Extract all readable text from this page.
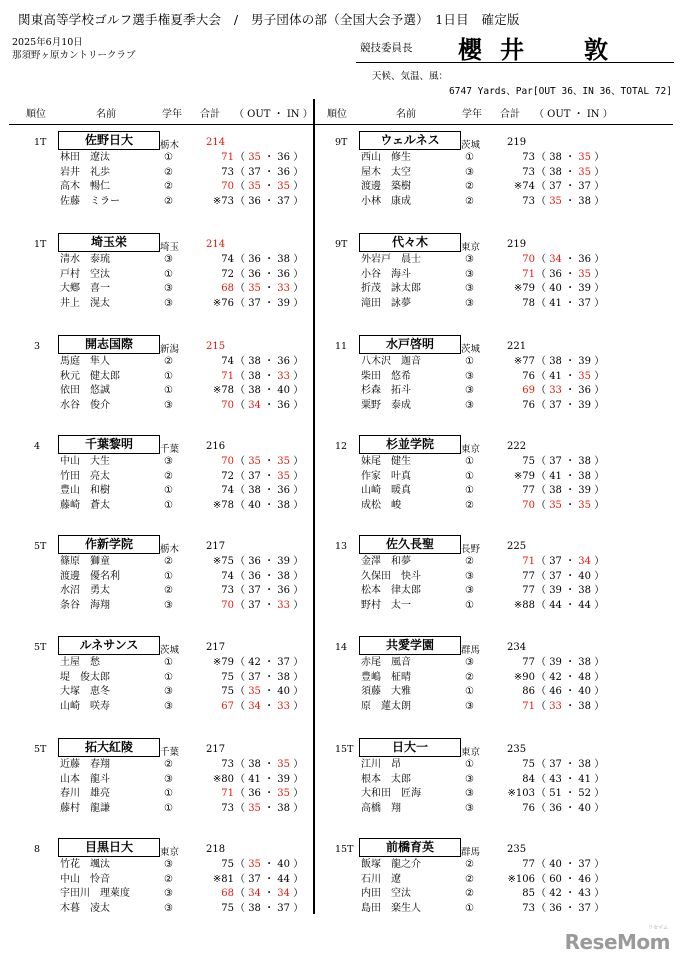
関東高等学校ゴルフ選手権夏季大会　/　男子団体の部（全国大会予選）　1日目　確定版
2025年6月10日
那須野ヶ原カントリークラブ
競技委員長 櫻井　敦
天候、気温、風：
6747 Yards、Par[OUT 36、IN 36、TOTAL 72]
順位	名前	学年 合計 （ OUT ・ IN ） 順位	名前	学年 合計 （ OUT ・ IN ）
1T	佐野日大	栃木	214
林田　遼汰	①	71 （ 35 ・ 36 ）
岩井　礼歩	②	73 （ 37 ・ 36 ）
高木　暢仁	②	70 （ 35 ・ 35 ）
佐藤　ミラー	②	※73 （ 36 ・ 37 ）
1T	埼玉栄	埼玉	214
清水　泰琉	③	74 （ 36 ・ 38 ）
戸村　空汰	①	72 （ 36 ・ 36 ）
大鄕　喜一	③	68 （ 35 ・ 33 ）
井上　滉太	③	※76 （ 37 ・ 39 ）
3	開志国際	新潟	215
馬庭　隼人	②	74 （ 38 ・ 36 ）
秋元　健太郎	①	71 （ 38 ・ 33 ）
依田　悠誠	①	※78 （ 38 ・ 40 ）
水谷　俊介	③	70 （ 34 ・ 36 ）
4	千葉黎明	千葉	216
中山　大生	③	70 （ 35 ・ 35 ）
竹田　亮太	②	72 （ 37 ・ 35 ）
豊山　和樹	①	74 （ 38 ・ 36 ）
藤崎　蒼太	①	※78 （ 40 ・ 38 ）
5T	作新学院	栃木	217
篠原　獅童	②	※75 （ 36 ・ 39 ）
渡邊　優名利	①	74 （ 36 ・ 38 ）
水沼　勇太	②	73 （ 37 ・ 36 ）
条谷　海翔	③	70 （ 37 ・ 33 ）
5T	ルネサンス	茨城	217
土屋　愁	①	※79 （ 42 ・ 37 ）
堤　俊太郎	①	75 （ 37 ・ 38 ）
大塚　恵冬	③	75 （ 35 ・ 40 ）
山崎　咲寿	③	67 （ 34 ・ 33 ）
5T	拓大紅陵	千葉	217
近藤　春翔	②	73 （ 38 ・ 35 ）
山本　龍斗	③	※80 （ 41 ・ 39 ）
春川　雄亮	①	71 （ 36 ・ 35 ）
藤村　龍謙	①	73 （ 35 ・ 38 ）
8	目黒日大	東京	218
竹花　颯汰	③	75 （ 35 ・ 40 ）
中山　怜音	②	※81 （ 37 ・ 44 ）
宇田川　理萊度	③	68 （ 34 ・ 34 ）
木暮　凌太	③	75 （ 38 ・ 37 ）
9T	ウェルネス	茨城	219
西山　修生	①	73 （ 38 ・ 35 ）
屋木　太空	③	73 （ 38 ・ 35 ）
渡邊　築樹	②	※74 （ 37 ・ 37 ）
小林　康成	②	73 （ 35 ・ 38 ）
9T	代々木	東京	219
外岩戸　晨士	③	70 （ 34 ・ 36 ）
小谷　海斗	③	71 （ 36 ・ 35 ）
折茂　詠太郎	③	※79 （ 40 ・ 39 ）
滝田　詠夢	③	78 （ 41 ・ 37 ）
11	水戸啓明	茨城	221
八木沢　迦音	①	※77 （ 38 ・ 39 ）
柴田　悠希	③	76 （ 41 ・ 35 ）
杉森　拓斗	③	69 （ 33 ・ 36 ）
粟野　泰成	③	76 （ 37 ・ 39 ）
12	杉並学院	東京	222
妹尾　健生	①	75 （ 37 ・ 38 ）
作家　叶真	①	※79 （ 41 ・ 38 ）
山崎　暖真	①	77 （ 38 ・ 39 ）
成松　峻	②	70 （ 35 ・ 35 ）
13	佐久長聖	長野	225
金澤　和夢	②	71 （ 37 ・ 34 ）
久保田　快斗	③	77 （ 37 ・ 40 ）
松本　律太郎	③	77 （ 39 ・ 38 ）
野村　太一	①	※88 （ 44 ・ 44 ）
14	共愛学園	群馬	234
赤尾　風音	③	77 （ 39 ・ 38 ）
豊嶋　柾晴	②	※90 （ 42 ・ 48 ）
須藤　大雅	①	86 （ 46 ・ 40 ）
原　蓮太朗	③	71 （ 33 ・ 38 ）
15T	日大一	東京	235
江川　昂	①	75 （ 37 ・ 38 ）
根本　太郎	③	84 （ 43 ・ 41 ）
大和田　匠海	③	※103 （ 51 ・ 52 ）
高橋　翔	③	76 （ 36 ・ 40 ）
15T	前橋育英	群馬	235
飯塚　龍之介	②	77 （ 40 ・ 37 ）
石川　遼	②	※106 （ 60 ・ 46 ）
内田　空汰	②	85 （ 42 ・ 43 ）
島田　楽生人	①	73 （ 36 ・ 37 ）
ReseMom
リセマム
